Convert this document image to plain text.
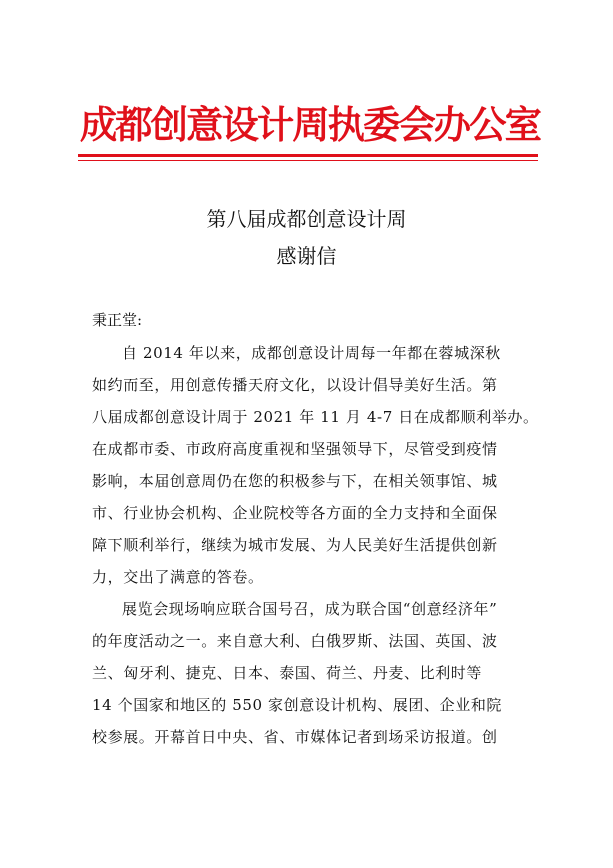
成都创意设计周执委会办公室
第八届成都创意设计周
感谢信
秉正堂:
自 2014 年以来，成都创意设计周每一年都在蓉城深秋
如约而至，用创意传播天府文化，以设计倡导美好生活。第
八届成都创意设计周于 2021 年 11 月 4-7 日在成都顺利举办。
在成都市委、市政府高度重视和坚强领导下，尽管受到疫情
影响，本届创意周仍在您的积极参与下，在相关领事馆、城
市、行业协会机构、企业院校等各方面的全力支持和全面保
障下顺利举行，继续为城市发展、为人民美好生活提供创新
力，交出了满意的答卷。
展览会现场响应联合国号召，成为联合国“创意经济年”
的年度活动之一。来自意大利、白俄罗斯、法国、英国、波
兰、匈牙利、捷克、日本、泰国、荷兰、丹麦、比利时等
14 个国家和地区的 550 家创意设计机构、展团、企业和院
校参展。开幕首日中央、省、市媒体记者到场采访报道。创
